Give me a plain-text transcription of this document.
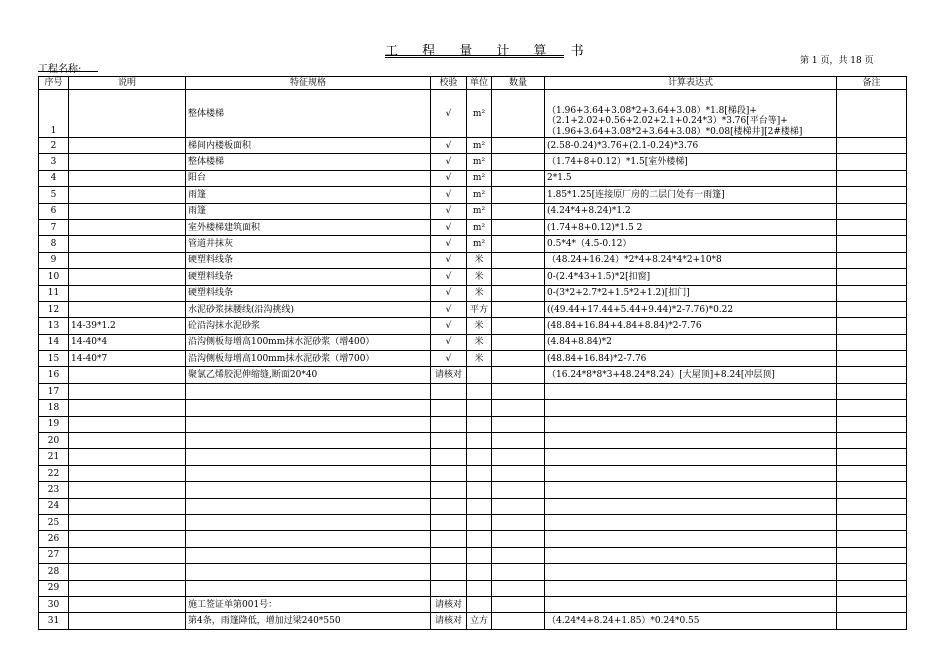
工 程 量 计 算 书
第 1 页，共 18 页
工程名称:
序号	说明	特征规格	校验	单位	数量	计算表达式	备注
1		整体楼梯	√	m²		（1.96+3.64+3.08*2+3.64+3.08）*1.8[梯段]+ （2.1+2.02+0.56+2.02+2.1+0.24*3）*3.76[平台等]+ （1.96+3.64+3.08*2+3.64+3.08）*0.08[楼梯井][2#楼梯]	
2		梯间内楼板面积	√	m²		(2.58-0.24)*3.76+(2.1-0.24)*3.76	
3		整体楼梯	√	m²		（1.74+8+0.12）*1.5[室外楼梯]	
4		阳台	√	m²		2*1.5	
5		雨篷	√	m²		1.85*1.25[连接原厂房的二层门处有一雨篷]	
6		雨篷	√	m²		(4.24*4+8.24)*1.2	
7		室外楼梯建筑面积	√	m²		(1.74+8+0.12)*1.5 2	
8		管道井抹灰	√	m²		0.5*4*（4.5-0.12）	
9		硬塑料线条	√	米		（48.24+16.24）*2*4+8.24*4*2+10*8	
10		硬塑料线条	√	米		0-(2.4*43+1.5)*2[扣窗]	
11		硬塑料线条	√	米		0-(3*2+2.7*2+1.5*2+1.2)[扣门]	
12		水泥砂浆抹腰线(沿沟挑线)	√	平方		((49.44+17.44+5.44+9.44)*2-7.76)*0.22	
13	14-39*1.2	砼沿沟抹水泥砂浆	√	米		(48.84+16.84+4.84+8.84)*2-7.76	
14	14-40*4	沿沟侧板每增高100mm抹水泥砂浆（增400）	√	米		(4.84+8.84)*2	
15	14-40*7	沿沟侧板每增高100mm抹水泥砂浆（增700）	√	米		(48.84+16.84)*2-7.76	
16		聚氯乙烯胶泥伸缩缝,断面20*40	请核对			（16.24*8*8*3+48.24*8.24）[大屋顶]+8.24[冲层顶]	
17							
18							
19							
20							
21							
22							
23							
24							
25							
26							
27							
28							
29							
30		施工签证单第001号：	请核对				
31		第4条，雨篷降低，增加过梁240*550	请核对	立方		（4.24*4+8.24+1.85）*0.24*0.55	
